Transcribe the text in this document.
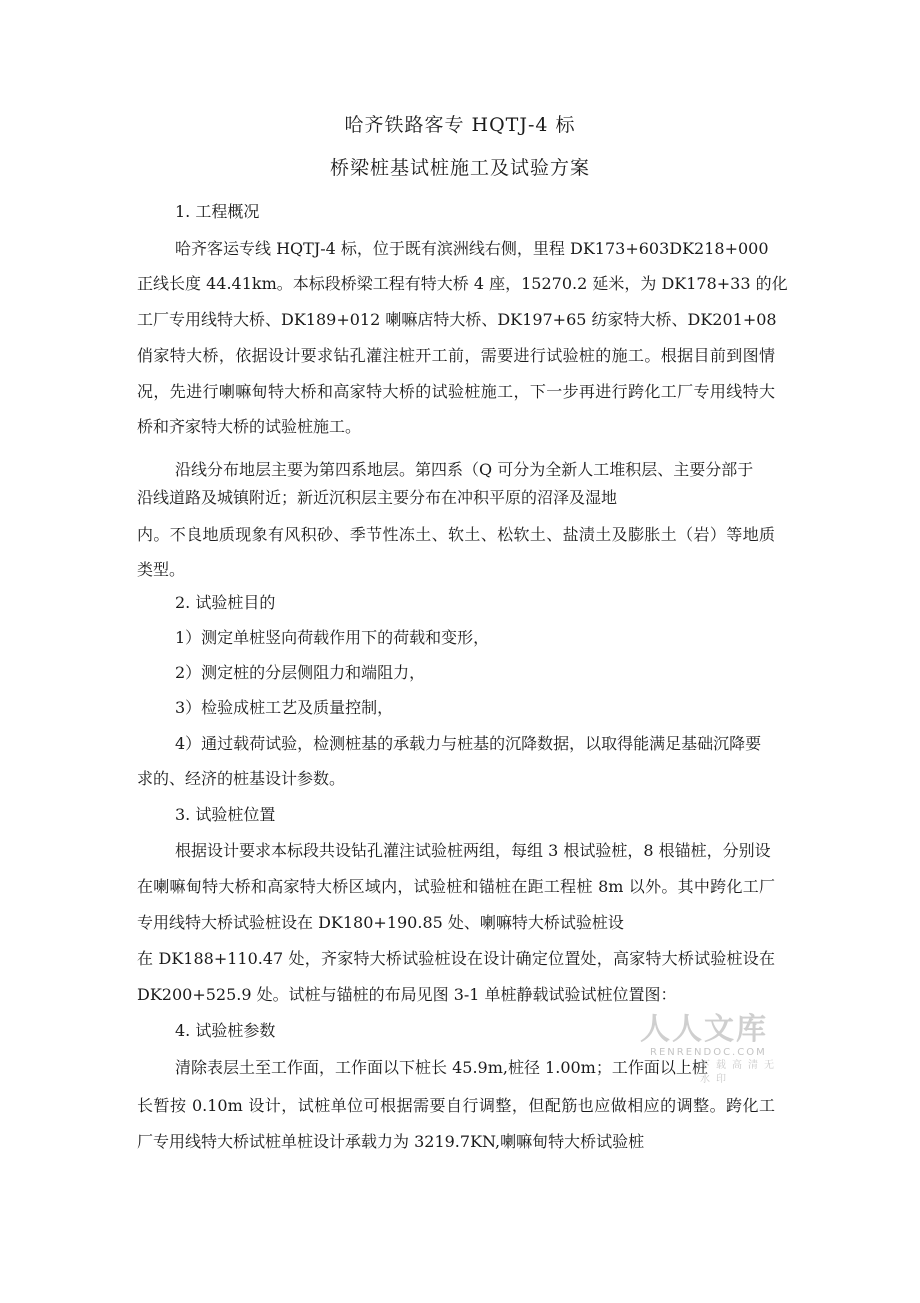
哈齐铁路客专 HQTJ-4 标
桥梁桩基试桩施工及试验方案
1. 工程概况
哈齐客运专线 HQTJ-4 标，位于既有滨洲线右侧，里程 DK173+603DK218+000
正线长度 44.41km。本标段桥梁工程有特大桥 4 座，15270.2 延米，为 DK178+33 的化
工厂专用线特大桥、DK189+012 喇嘛店特大桥、DK197+65 纺家特大桥、DK201+08
俏家特大桥，依据设计要求钻孔灌注桩开工前，需要进行试验桩的施工。根据目前到图情
况，先进行喇嘛甸特大桥和高家特大桥的试验桩施工，下一步再进行跨化工厂专用线特大
桥和齐家特大桥的试验桩施工。
沿线分布地层主要为第四系地层。第四系（Q 可分为全新人工堆积层、主要分部于
沿线道路及城镇附近；新近沉积层主要分布在冲积平原的沼泽及湿地
内。不良地质现象有风积砂、季节性冻土、软土、松软土、盐渍土及膨胀土（岩）等地质
类型。
2. 试验桩目的
1）测定单桩竖向荷载作用下的荷载和变形，
2）测定桩的分层侧阻力和端阻力，
3）检验成桩工艺及质量控制，
4）通过载荷试验，检测桩基的承载力与桩基的沉降数据，以取得能满足基础沉降要
求的、经济的桩基设计参数。
3. 试验桩位置
根据设计要求本标段共设钻孔灌注试验桩两组，每组 3 根试验桩，8 根锚桩，分别设
在喇嘛甸特大桥和高家特大桥区域内，试验桩和锚桩在距工程桩 8m 以外。其中跨化工厂
专用线特大桥试验桩设在 DK180+190.85 处、喇嘛特大桥试验桩设
在 DK188+110.47 处，齐家特大桥试验桩设在设计确定位置处，高家特大桥试验桩设在
DK200+525.9 处。试桩与锚桩的布局见图 3-1 单桩静载试验试桩位置图：
4. 试验桩参数
清除表层土至工作面，工作面以下桩长 45.9m,桩径 1.00m；工作面以上桩
长暂按 0.10m 设计，试桩单位可根据需要自行调整，但配筋也应做相应的调整。跨化工
厂专用线特大桥试桩单桩设计承载力为 3219.7KN,喇嘛甸特大桥试验桩
人人文库
RENRENDOC.COM
下载高清无水印
